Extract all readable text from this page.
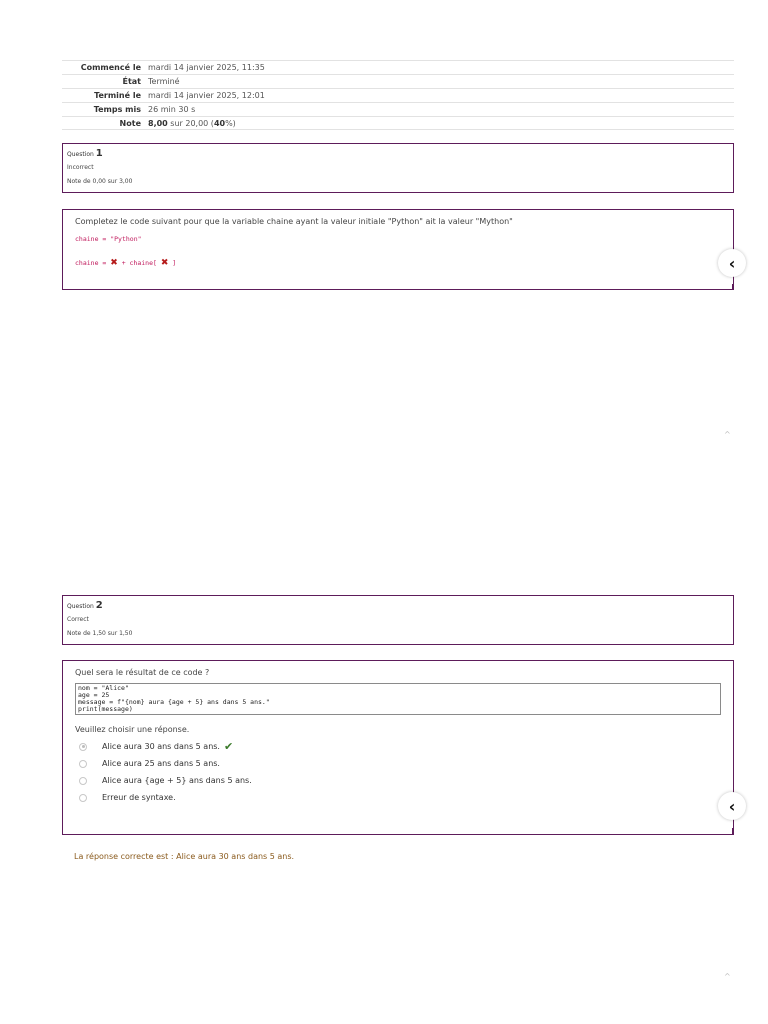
Commencé le mardi 14 janvier 2025, 11:35
État Terminé
Terminé le mardi 14 janvier 2025, 12:01
Temps mis 26 min 30 s
Note 8,00 sur 20,00 (40%)
Question 1
Incorrect
Note de 0,00 sur 3,00
Completez le code suivant pour que la variable chaine ayant la valeur initiale "Python" ait la valeur "Mython"
chaine = "Python"
chaine = ✖ + chaine[ ✖ ]	‹
^
Question 2
Correct
Note de 1,50 sur 1,50
Quel sera le résultat de ce code ?
nom = "Alice"
age = 25
message = f"{nom} aura {age + 5} ans dans 5 ans."
print(message)
Veuillez choisir une réponse.
Alice aura 30 ans dans 5 ans. ✔
Alice aura 25 ans dans 5 ans.
Alice aura {age + 5} ans dans 5 ans.
Erreur de syntaxe.	‹
La réponse correcte est : Alice aura 30 ans dans 5 ans.
^
